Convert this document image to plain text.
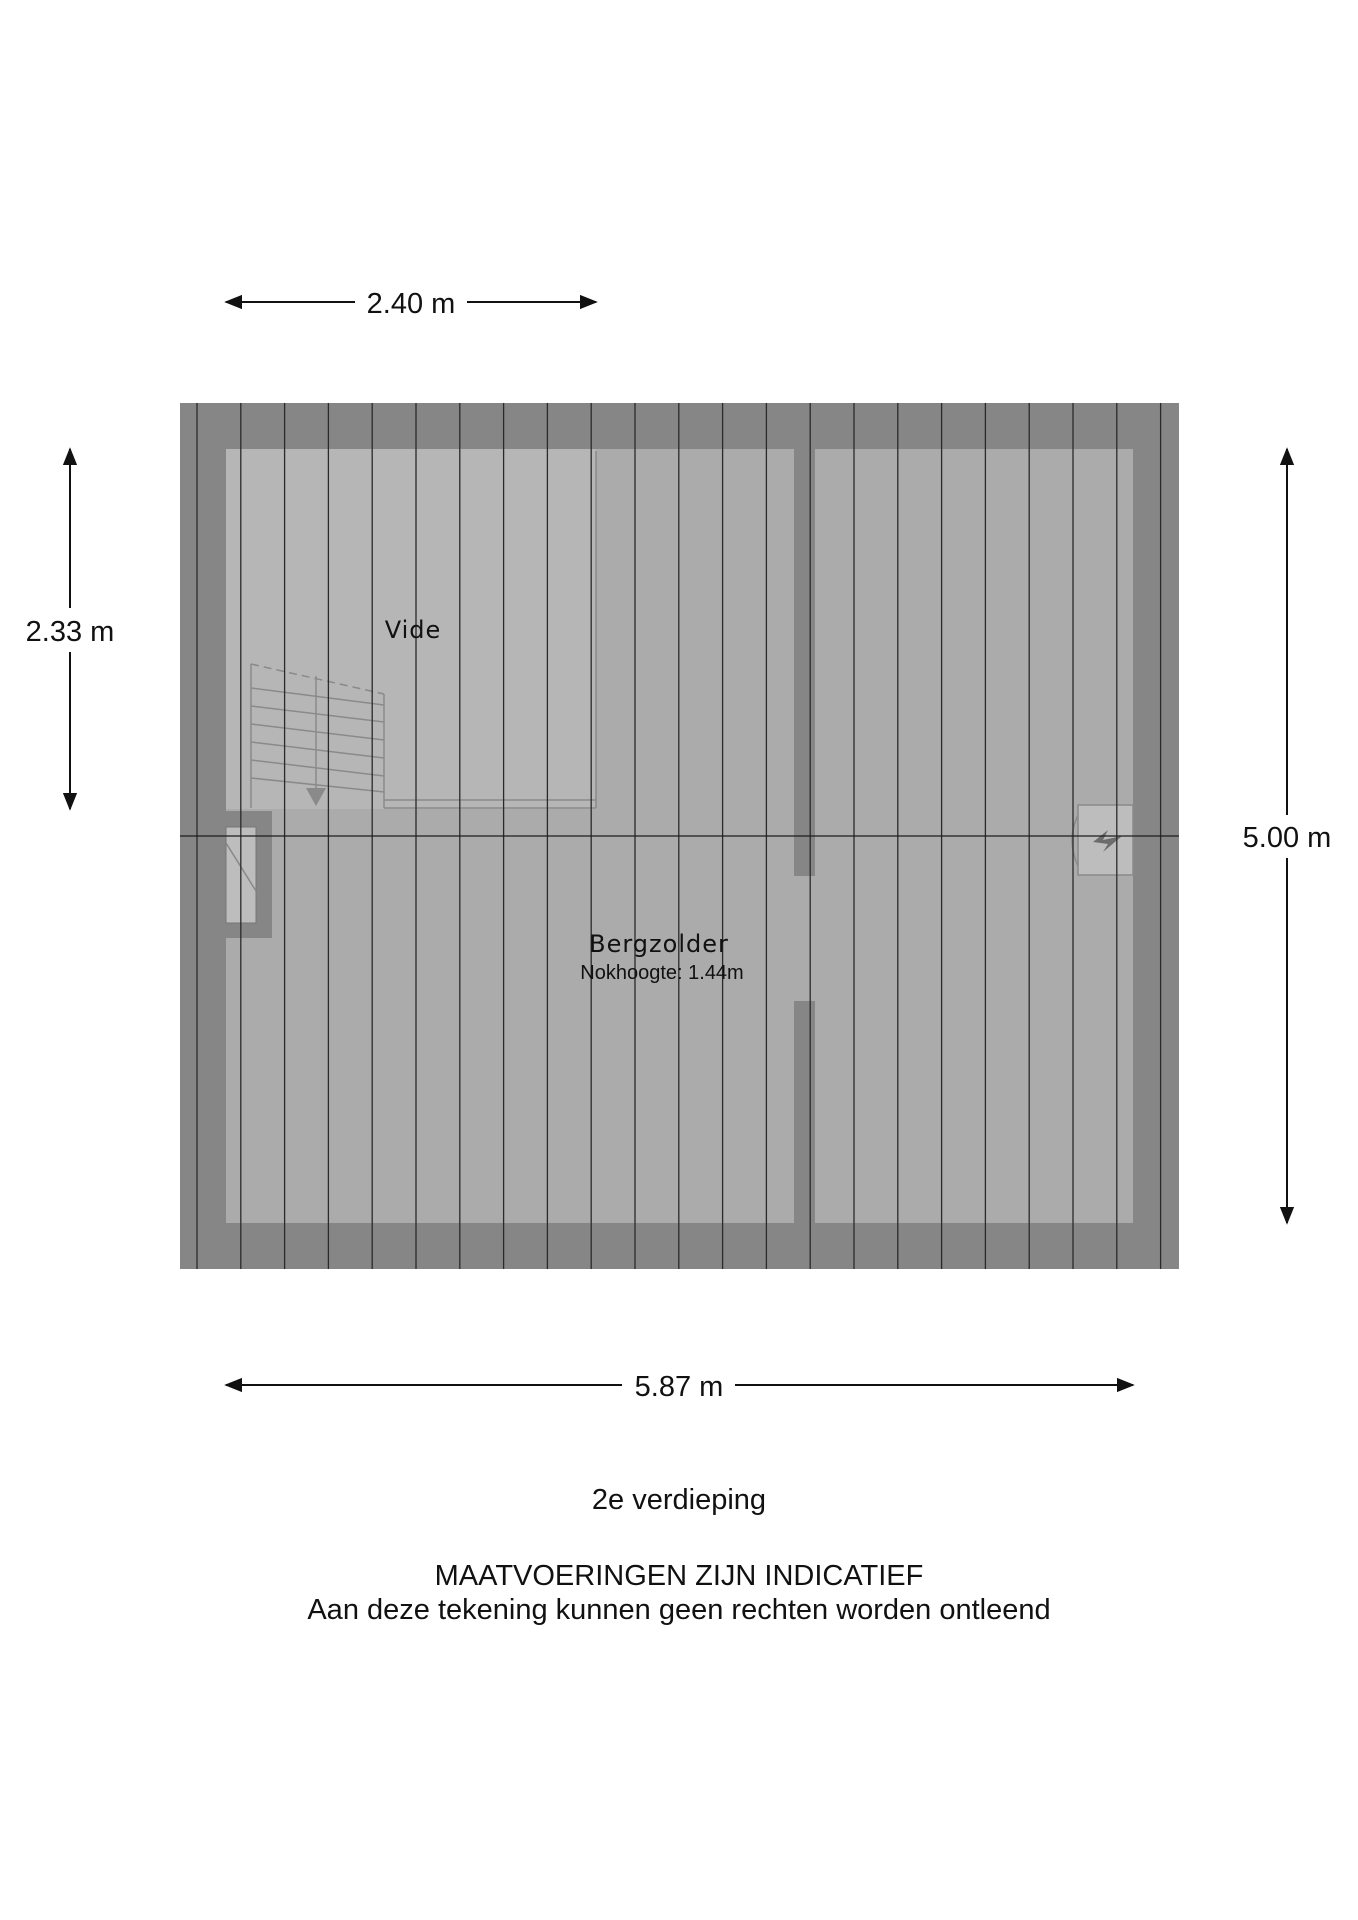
Vide
Bergzolder
Nokhoogte: 1.44m
2.40 m
2.33 m
5.00 m
5.87 m
2e verdieping
MAATVOERINGEN ZIJN INDICATIEF
Aan deze tekening kunnen geen rechten worden ontleend
